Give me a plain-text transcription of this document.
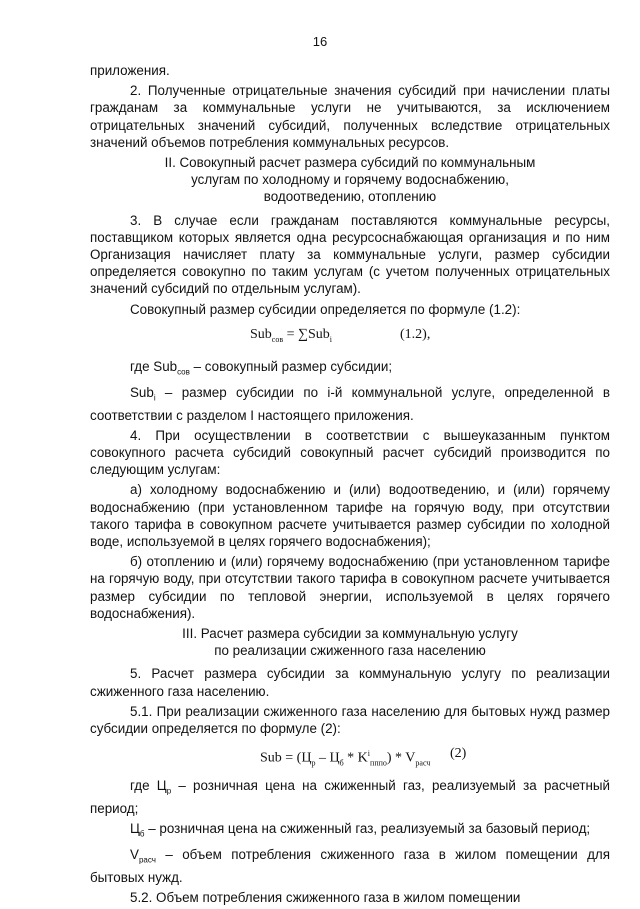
16

приложения.

2. Полученные отрицательные значения субсидий при начислении платы гражданам за коммунальные услуги не учитываются, за исключением отрицательных значений субсидий, полученных вследствие отрицательных значений объемов потребления коммунальных ресурсов.

II. Совокупный расчет размера субсидий по коммунальным
услугам по холодному и горячему водоснабжению,
водоотведению, отоплению

3. В случае если гражданам поставляются коммунальные ресурсы, поставщиком которых является одна ресурсоснабжающая организация и по ним Организация начисляет плату за коммунальные услуги, размер субсидии определяется совокупно по таким услугам (с учетом полученных отрицательных значений субсидий по отдельным услугам).

Совокупный размер субсидии определяется по формуле (1.2):

Sub$_{сов}$ = ∑Sub$_i$	(1.2),

где Sub$_{сов}$ – совокупный размер субсидии;

Sub$_i$ – размер субсидии по i-й коммунальной услуге, определенной в соответствии с разделом I настоящего приложения.

4. При осуществлении в соответствии с вышеуказанным пунктом совокупного расчета субсидий совокупный расчет субсидий производится по следующим услугам:

а) холодному водоснабжению и (или) водоотведению, и (или) горячему водоснабжению (при установленном тарифе на горячую воду, при отсутствии такого тарифа в совокупном расчете учитывается размер субсидии по холодной воде, используемой в целях горячего водоснабжения);

б) отоплению и (или) горячему водоснабжению (при установленном тарифе на горячую воду, при отсутствии такого тарифа в совокупном расчете учитывается размер субсидии по тепловой энергии, используемой в целях горячего водоснабжения).

III. Расчет размера субсидии за коммунальную услугу
по реализации сжиженного газа населению

5. Расчет размера субсидии за коммунальную услугу по реализации сжиженного газа населению.

5.1. При реализации сжиженного газа населению для бытовых нужд размер субсидии определяется по формуле (2):

Sub = $(Ц_р - Ц_б * K^i_{пппо}) * V_{расч}$
(2)

где $Ц_р$ – розничная цена на сжиженный газ, реализуемый за расчетный период;

$Ц_б$ – розничная цена на сжиженный газ, реализуемый за базовый период;

$V_{расч}$ – объем потребления сжиженного газа в жилом помещении для бытовых нужд.

5.2. Объем потребления сжиженного газа в жилом помещении
